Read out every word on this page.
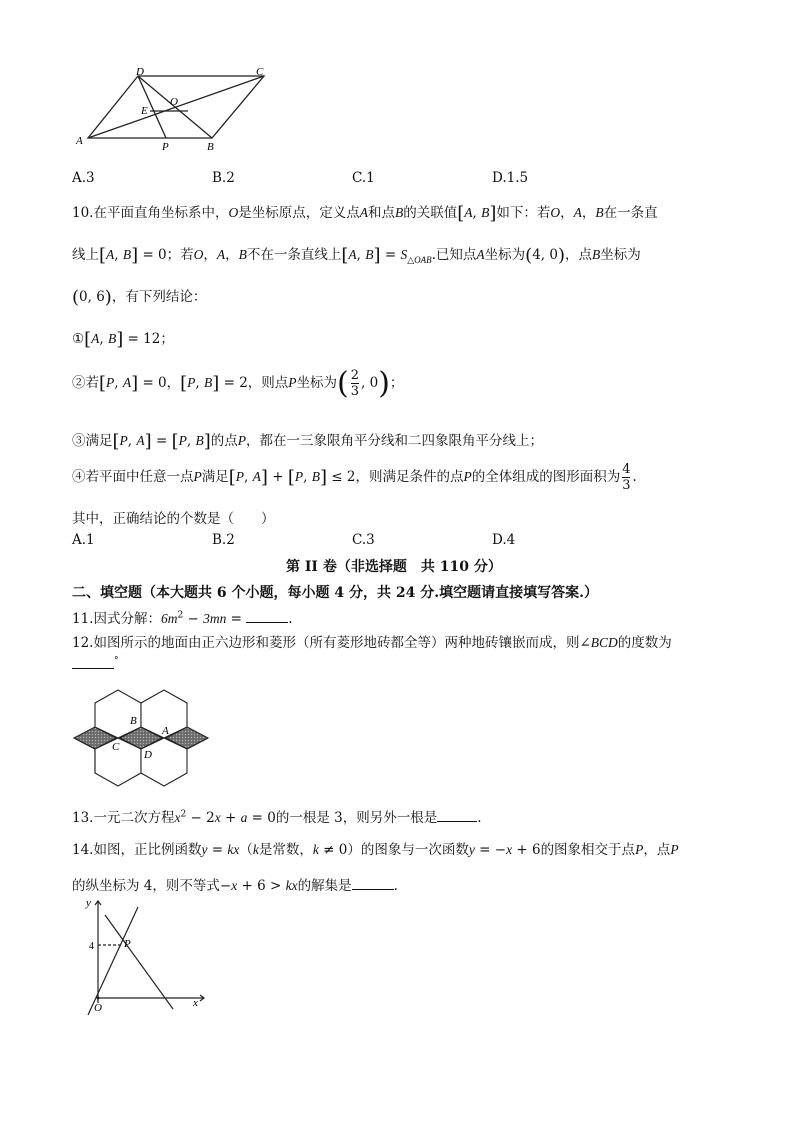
D	C
E
O
A	P	B
A.3	B.2	C.1	D.1.5
10.在平面直角坐标系中，O是坐标原点，定义点A和点B的关联值[A, B]如下：若O，A，B在一条直
线上[A, B] = 0；若O，A，B不在一条直线上[A, $B] = S_{\triangle OAB}$.已知点A坐标为(4, 0)，点B坐标为
(0, 6)，有下列结论：
①[A, B] = 12；
②若[P, A] = 0，[P, B] = 2，则点P坐标为( $\frac{2}{3}$ , 0)；
③满足[P, A] = [P, B]的点P，都在一三象限角平分线和二四象限角平分线上；
④若平面中任意一点P满足[P, A] + [P, B] ≤ 2，则满足条件的点P的全体组成的图形面积为 $\frac{4}{3}$ .
其中，正确结论的个数是（　　）
A.1	B.2	C.3	D.4
第 II 卷（非选择题　共 110 分）
二、填空题（本大题共 6 个小题，每小题 4 分，共 24 分.填空题请直接填写答案.）
11.因式分解：$6m^2 - 3mn$ =	.
12.如图所示的地面由正六边形和菱形（所有菱形地砖都全等）两种地砖镶嵌而成，则∠BCD的度数为
°
B
A
C
D
13.一元二次方程$x^2 - 2x + a = 0$的一根是 3，则另外一根是	.
14.如图，正比例函数y = kx（k是常数，k ≠ 0）的图象与一次函数y = −x + 6的图象相交于点P，点P
的纵坐标为 4，则不等式−x + 6 > kx的解集是	.
y
4	P
O	x
